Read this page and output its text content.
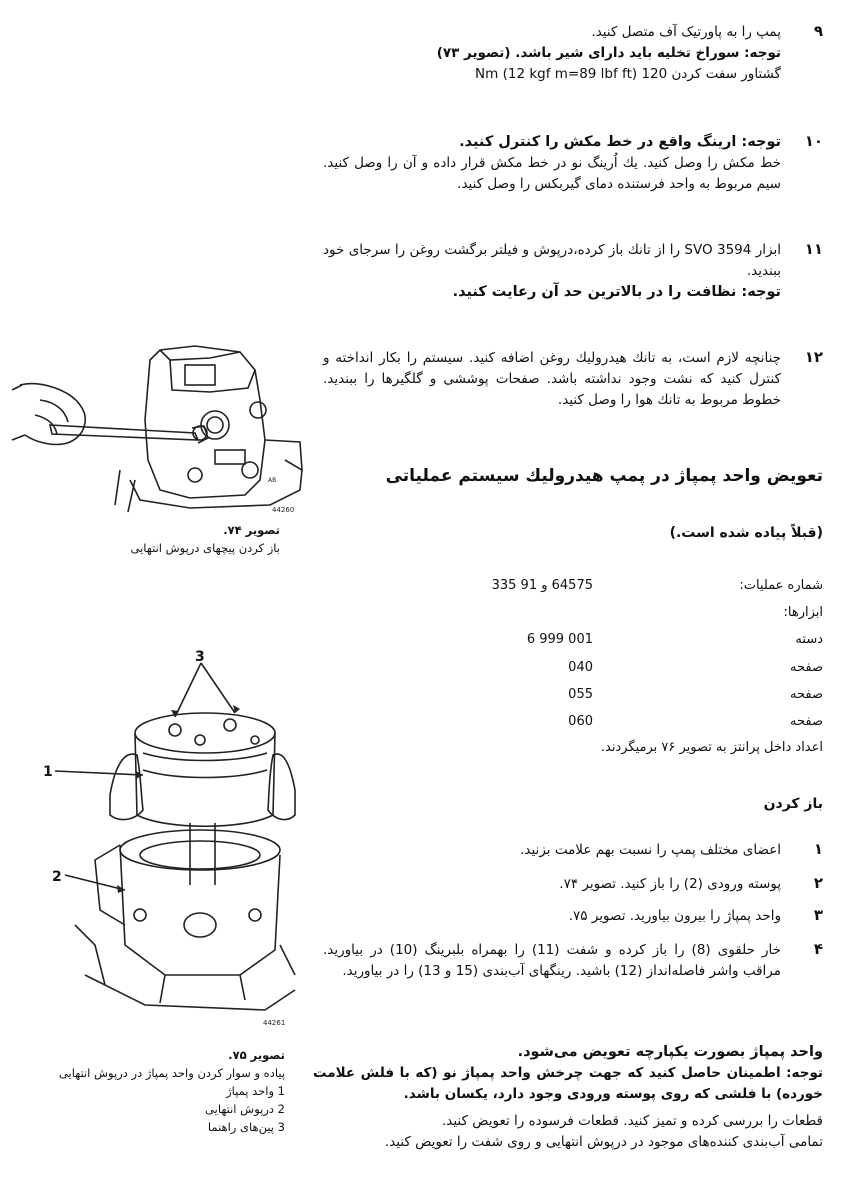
۹
پمپ را به پاورتیک آف متصل کنید.
توجه: سوراخ تخلیه باید دارای شیر باشد. (تصویر ۷۳)
گشتاور سفت کردن 120 Nm (12 kgf m=89 lbf ft)
۱۰
توجه: ارینگ واقع در خط مکش را کنترل کنید.
خط مکش را وصل کنید. یك اُرینگ نو در خط مکش قرار داده و آن را وصل کنید. سیم مربوط به واحد فرستنده دمای گیربکس را وصل کنید.
۱۱
ابزار SVO 3594 را از تانك باز کرده،درپوش و فیلتر برگشت روغن را سرجای خود ببندید.
توجه: نظافت را در بالاترین حد آن رعایت کنید.
۱۲
چنانچه لازم است، به تانك هیدرولیك روغن اضافه کنید. سیستم را بکار انداخته و کنترل کنید که نشت وجود نداشته باشد. صفحات پوششی و گلگیرها را ببندید. خطوط مربوط به تانك هوا را وصل کنید.
تعویض واحد پمپاژ در پمپ هیدرولیك سیستم عملیاتی
(قبلاً پیاده شده است.)
شماره عملیات:
64575 و 91 335
ابزارها:
دسته
6 999 001
صفحه
040
صفحه
055
صفحه
060
اعداد داخل پرانتز به تصویر ۷۶ برمیگردند.
باز کردن
۱
اعضای مختلف پمپ را نسبت بهم علامت بزنید.
۲
پوسته ورودی (2) را باز کنید. تصویر ۷۴.
۳
واحد پمپاژ را بیرون بیاورید. تصویر ۷۵.
۴
خار حلقوی (8) را باز کرده و شفت (11) را بهمراه بلبرینگ (10) در بیاورید. مراقب واشر فاصله‌انداز (12) باشید. رینگهای آب‌بندی (15 و 13) را در بیاورید.
واحد پمپاژ بصورت یکپارچه تعویض می‌شود.
توجه: اطمینان حاصل کنید که جهت چرخش واحد پمپاژ نو (که با فلش علامت خورده) با فلشی که روی پوسته ورودی وجود دارد، یکسان باشد.
قطعات را بررسی کرده و تمیز کنید. قطعات فرسوده را تعویض کنید.
تمامی آب‌بندی کننده‌های موجود در درپوش انتهایی و روی شفت را تعویض کنید.
AB
44260
تصویر ۷۴.
باز کردن پیچهای درپوش انتهایی
3
1
2
44261
تصویر ۷۵.
پیاده و سوار کردن واحد پمپاژ در درپوش انتهایی
1 واحد پمپاژ
2 درپوش انتهایی
3 پین‌های راهنما
